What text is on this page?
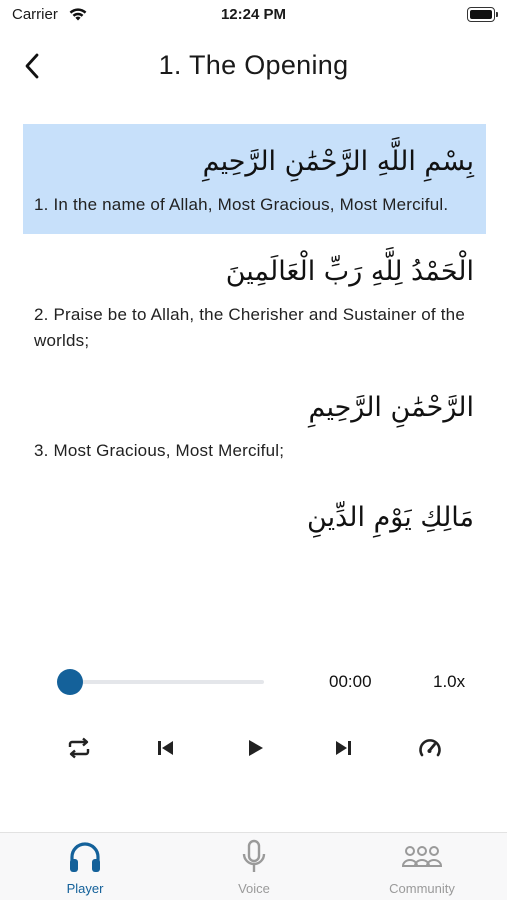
Carrier	12:24 PM
1. The Opening
بِسْمِ اللَّهِ الرَّحْمَٰنِ الرَّحِيمِ
1. In the name of Allah, Most Gracious, Most Merciful.
الْحَمْدُ لِلَّهِ رَبِّ الْعَالَمِينَ
2. Praise be to Allah, the Cherisher and Sustainer of the worlds;
الرَّحْمَٰنِ الرَّحِيمِ
3. Most Gracious, Most Merciful;
مَالِكِ يَوْمِ الدِّينِ
00:00	1.0x
Player	Voice	Community
